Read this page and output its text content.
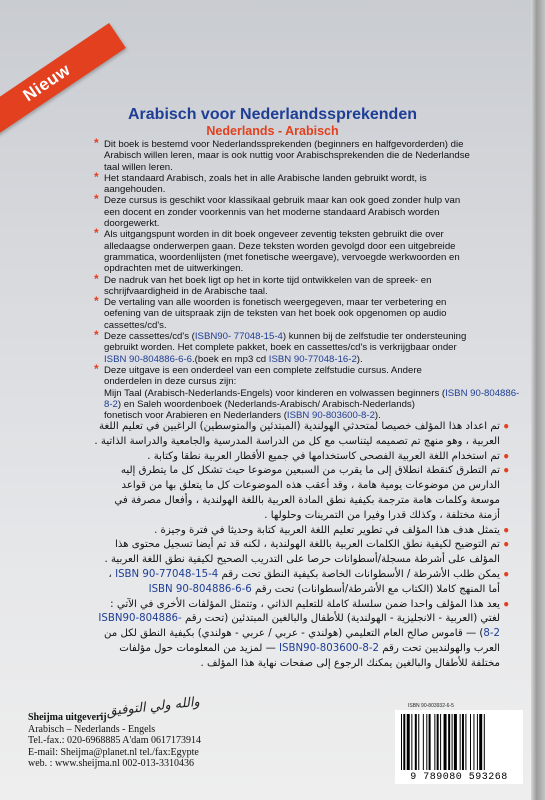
Nieuw
Arabisch voor Nederlandssprekenden
Nederlands - Arabisch
* Dit boek is bestemd voor Nederlandssprekenden (beginners en halfgevorderden) die
Arabisch willen leren, maar is ook nuttig voor Arabischsprekenden die de Nederlandse
taal willen leren.
* Het standaard Arabisch, zoals het in alle Arabische landen gebruikt wordt, is
aangehouden.
* Deze cursus is geschikt voor klassikaal gebruik maar kan ook goed zonder hulp van
een docent en zonder voorkennis van het moderne standaard Arabisch worden
doorgewerkt.
* Als uitgangspunt worden in dit boek ongeveer zeventig teksten gebruikt die over
alledaagse onderwerpen gaan. Deze teksten worden gevolgd door een uitgebreide
grammatica, woordenlijsten (met fonetische weergave), vervoegde werkwoorden en
opdrachten met de uitwerkingen.
* De nadruk van het boek ligt op het in korte tijd ontwikkelen van de spreek- en
schrijfvaardigheid in de Arabische taal.
* De vertaling van alle woorden is fonetisch weergegeven, maar ter verbetering en
oefening van de uitspraak zijn de teksten van het boek ook opgenomen op audio
cassettes/cd's.
* Deze cassettes/cd's (ISBN90- 77048-15-4) kunnen bij de zelfstudie ter ondersteuning
gebruikt worden. Het complete pakket, boek en cassettes/cd's is verkrijgbaar onder
ISBN 90-804886-6-6.(boek en mp3 cd ISBN 90-77048-16-2).
* Deze uitgave is een onderdeel van een complete zelfstudie cursus. Andere
onderdelen in deze cursus zijn:
Mijn Taal (Arabisch-Nederlands-Engels) voor kinderen en volwassen beginners (ISBN 90-804886-8-2) en Saleh woordenboek (Nederlands-Arabisch/ Arabisch-Nederlands)
fonetisch voor Arabieren en Nederlanders (ISBN 90-803600-8-2).
•
تم اعداد هذا المؤلف خصيصا لمتحدثي الهولندية (المبتدئين والمتوسطين) الراغبين في تعليم اللغة العربية ، وهو منهج تم تصميمه ليتناسب مع كل من الدراسة المدرسية والجامعية والدراسة الذاتية .
•
تم استخدام اللغة العربية الفصحى كاستخدامها في جميع الأقطار العربية نطقا وكتابة .
•
تم التطرق كنقطة انطلاق إلى ما يقرب من السبعين موضوعا حيث تشكل كل ما يتطرق إليه الدارس من موضوعات يومية هامة ، وقد أعقب هذه الموضوعات كل ما يتعلق بها من قواعد موسعة وكلمات هامة مترجمة بكيفية نطق المادة العربية باللغة الهولندية ، وأفعال مصرفة في أزمنة مختلفة ، وكذلك قدرا وفيرا من التمرينات وحلولها .
•
يتمثل هدف هذا المؤلف في تطوير تعليم اللغة العربية كتابة وحديثا في فترة وجيزة .
•
تم التوضيح لكيفية نطق الكلمات العربية باللغة الهولندية ، لكنه قد تم أيضا تسجيل محتوى هذا المؤلف على أشرطة مسجلة/أسطوانات حرصا على التدريب الصحيح لكيفية نطق اللغة العربية .
•
يمكن طلب الأشرطة / الأسطوانات الخاصة بكيفية النطق تحت رقم ISBN 90-77048-15-4 ، أما المنهج كاملا (الكتاب مع الأشرطة/أسطوانات) تحت رقم ISBN 90-804886-6-6
•
يعد هذا المؤلف واحدا ضمن سلسلة كاملة للتعليم الذاتي ، وتتمثل المؤلفات الأخرى في الآتي : لغتي (العربية - الانجليزية - الهولندية) للأطفال والبالغين المبتدئين (تحت رقم ISBN90-804886-8-2) — قاموس صالح العام التعليمي (هولندي - عربي / عربي - هولندي) بكيفية النطق لكل من العرب والهولنديين تحت رقم ISBN90-803600-8-2 — لمزيد من المعلومات حول مؤلفات مختلفة للأطفال والبالغين يمكنك الرجوع إلى صفحات نهاية هذا المؤلف .
والله ولي التوفيق .	ISBN 90-803932-6-5
9 789080 593268
Sheijma uitgeverij
Arabisch – Nederlands - Engels
Tel.-fax.: 020-6968885 A'dam 0617173914
E-mail: Sheijma@planet.nl tel./fax:Egypte
web. : www.sheijma.nl 002-013-3310436
